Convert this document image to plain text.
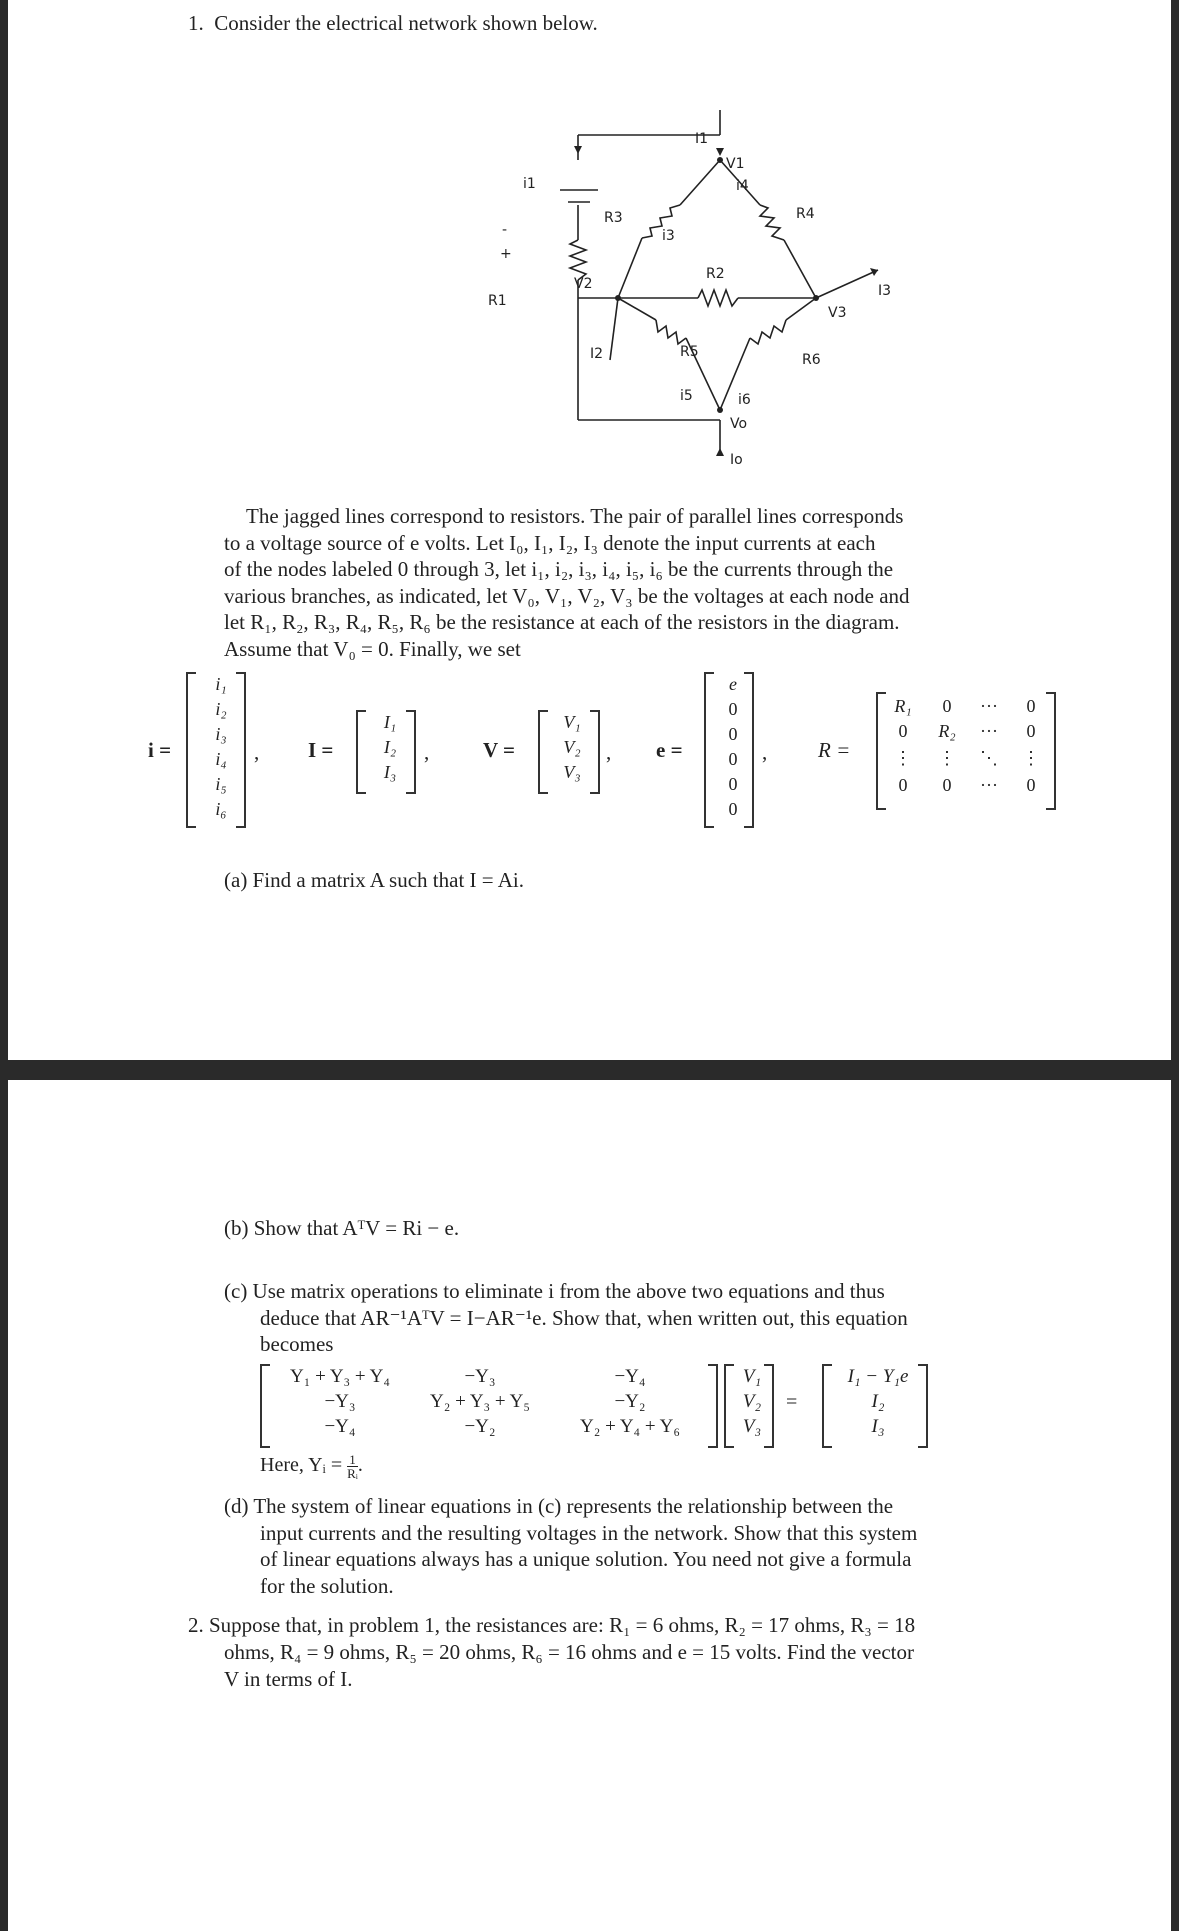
1. Consider the electrical network shown below.
I1
V1
i4
R4
i1
R3
i3
R2
V2	I3
V3
R1
I2	R5	R6
i5	i6
Vo
Io
+
-
The jagged lines correspond to resistors. The pair of parallel lines corresponds
to a voltage source of e volts. Let I₀, I₁, I₂, I₃ denote the input currents at each
of the nodes labeled 0 through 3, let i₁, i₂, i₃, i₄, i₅, i₆ be the currents through the
various branches, as indicated, let V₀, V₁, V₂, V₃ be the voltages at each node and
let R₁, R₂, R₃, R₄, R₅, R₆ be the resistance at each of the resistors in the diagram.
Assume that V₀ = 0. Finally, we set
i =
i₁
i₂
i₃
i₄
i₅
i₆
, I =
I₁
I₂
I₃
,	V =
V₁
V₂
V₃
, e =
e
0
0
0
0
0
, R =
R₁	0	···	0
0	R₂	···	0
⋮	⋮	⋱	⋮
0	0	···	0
(a) Find a matrix A such that I = Ai.
(b) Show that AᵀV = Ri − e.
(c) Use matrix operations to eliminate i from the above two equations and thus
deduce that AR⁻¹AᵀV = I−AR⁻¹e. Show that, when written out, this equation
becomes
Y₁ + Y₃ + Y₄	−Y₃	−Y₄
−Y₃	Y₂ + Y₃ + Y₅	−Y₂
−Y₄	−Y₂	Y₂ + Y₄ + Y₆
V₁
V₂
V₃
=
I₁ − Y₁e
I₂
I₃
Here, Yᵢ = $\frac{1}{\text{Rᵢ}}$ .
(d) The system of linear equations in (c) represents the relationship between the
input currents and the resulting voltages in the network. Show that this system
of linear equations always has a unique solution. You need not give a formula
for the solution.
2. Suppose that, in problem 1, the resistances are: R₁ = 6 ohms, R₂ = 17 ohms, R₃ = 18
ohms, R₄ = 9 ohms, R₅ = 20 ohms, R₆ = 16 ohms and e = 15 volts. Find the vector
V in terms of I.
